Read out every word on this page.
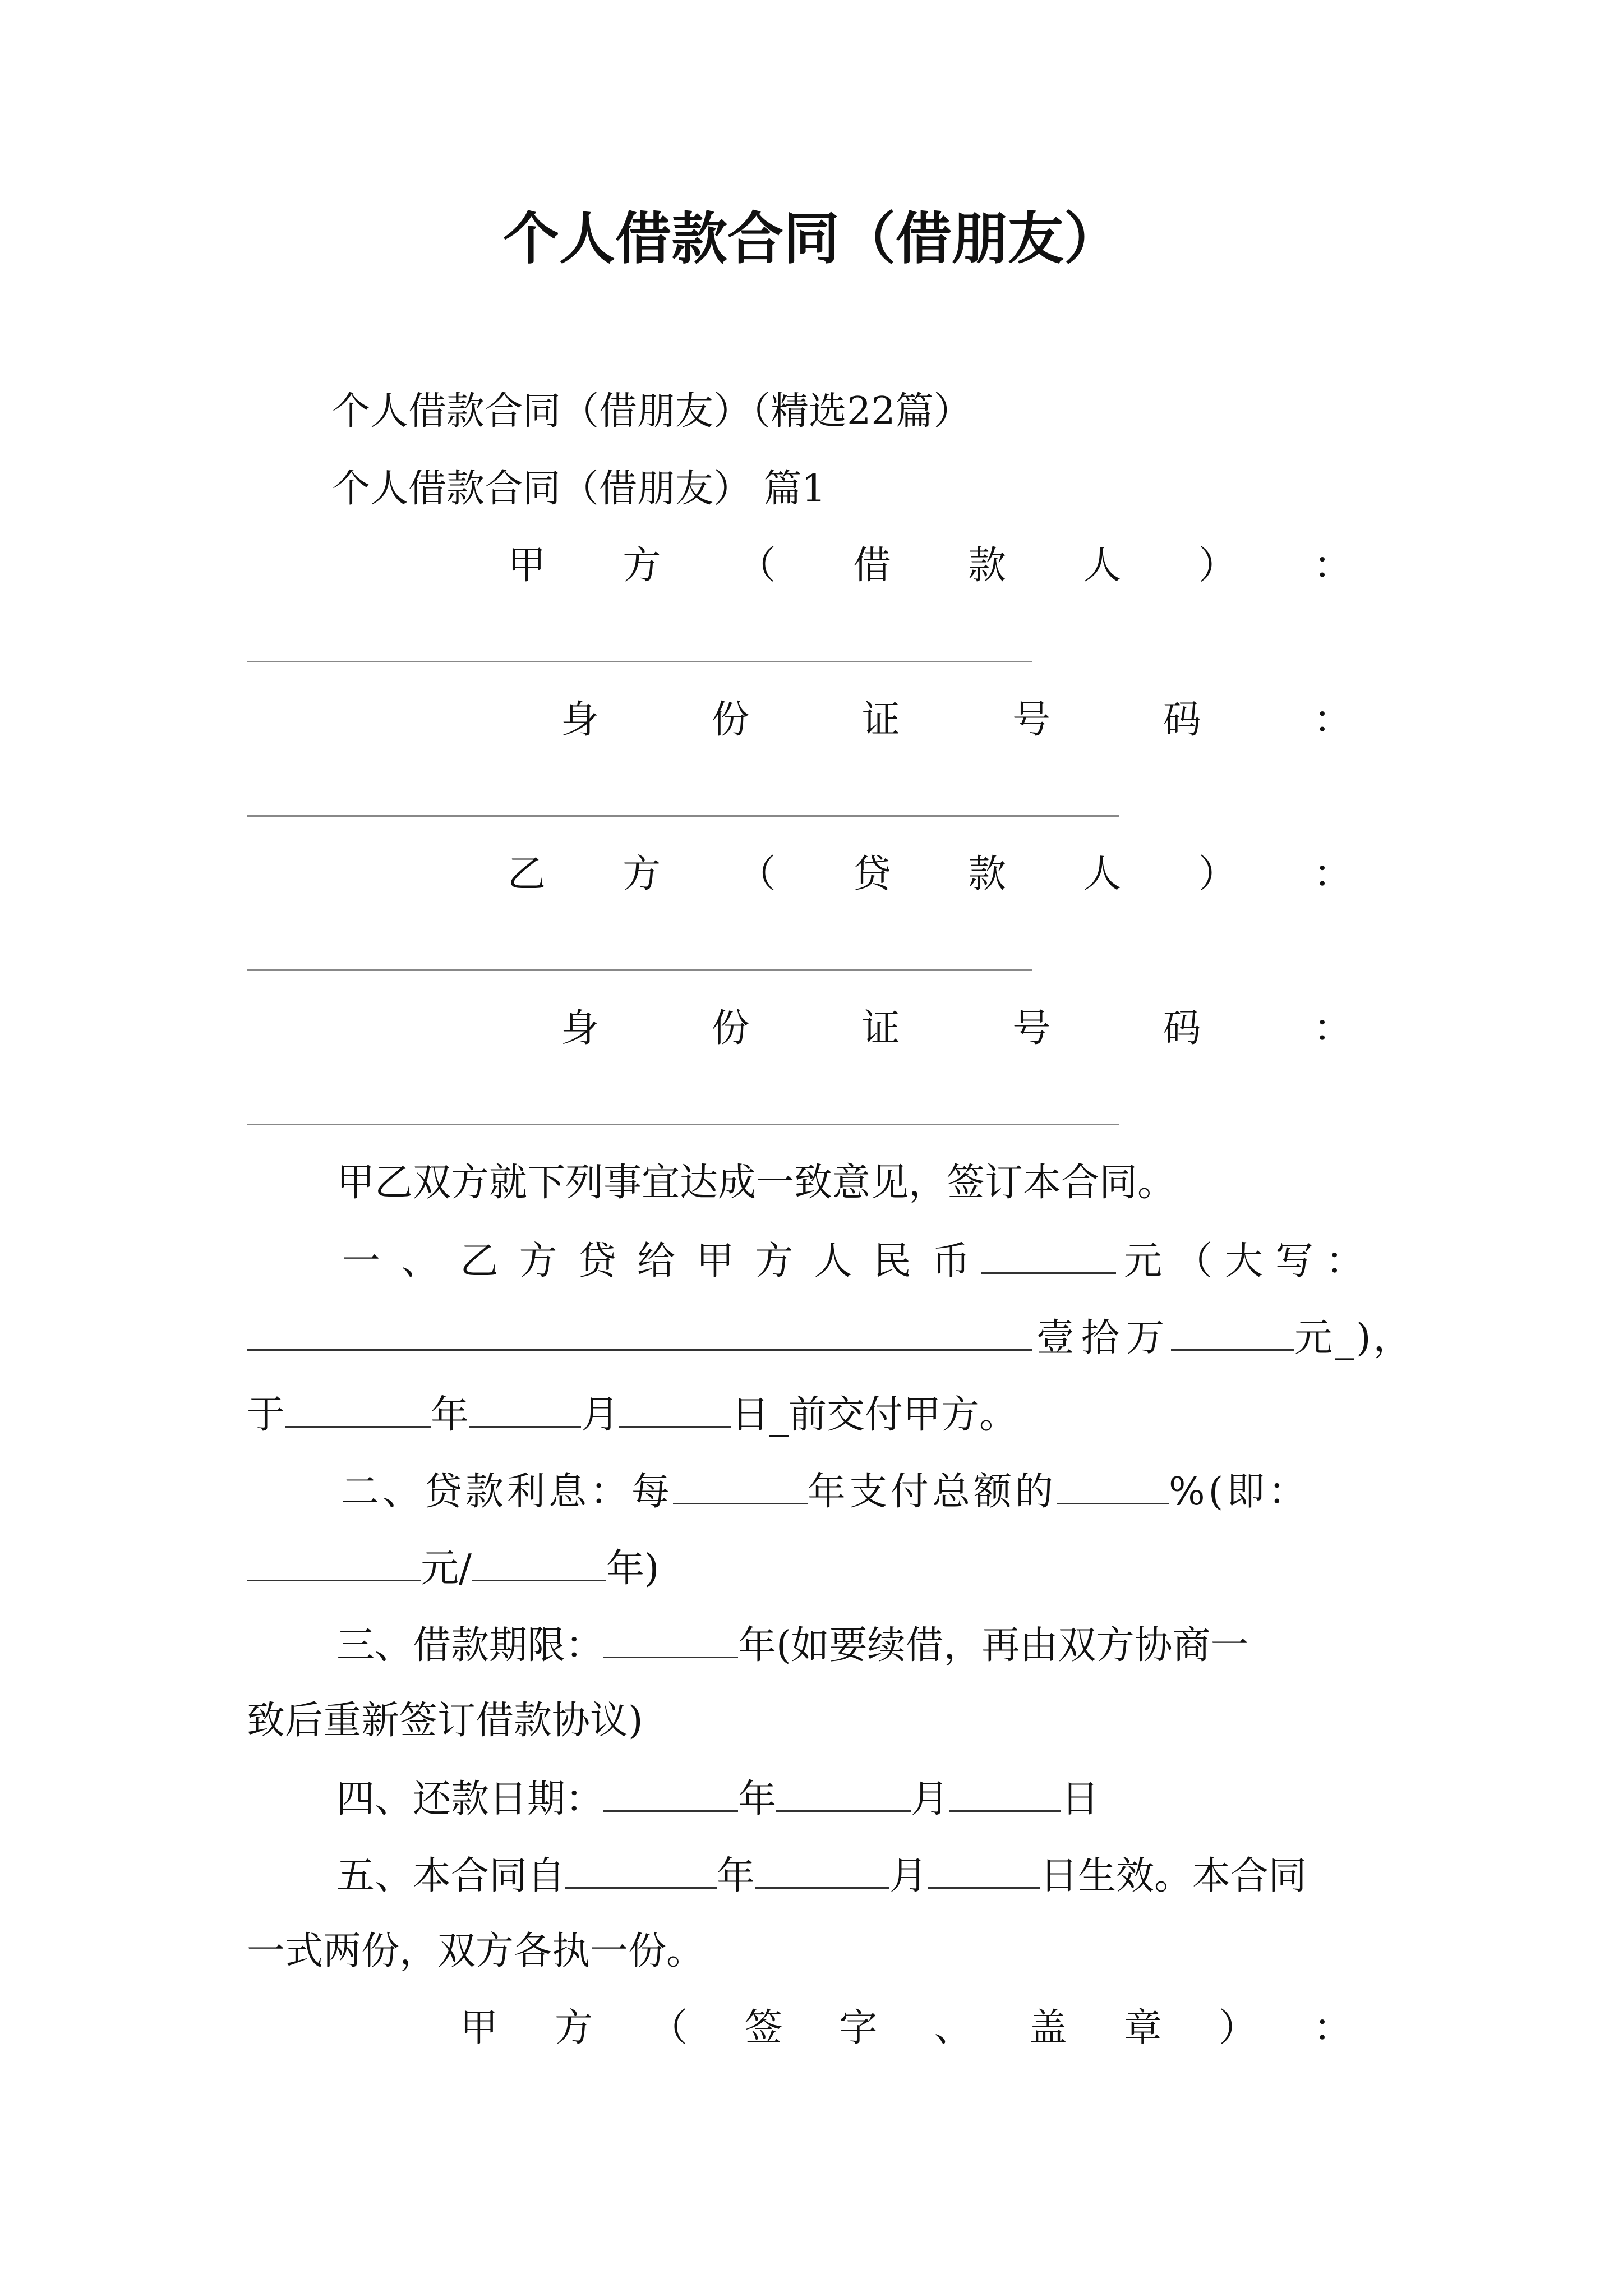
个人借款合同（借朋友）
个人借款合同（借朋友）（精选22篇）
个人借款合同（借朋友） 篇1
甲 方 （ 借 款 人 ） ：
身	份	证	号	码	：
乙 方 （ 贷 款 人 ） ：
身	份	证	号	码	：
甲乙双方就下列事宜达成一致意见，签订本合同。
一 、 乙 方 贷 给 甲 方 人 民 币	元（大写：
壹拾万	元_)，
于	年	月	日_前交付甲方。
二、贷款利息：每	年支付总额的	%(即：
元/	年)
三、借款期限：	年(如要续借，再由双方协商一
致后重新签订借款协议)
四、还款日期：	年	月	日
五、本合同自	年	月	日生效。本合同
一式两份，双方各执一份。
甲 方 （ 签 字 、 盖 章 ） ：
